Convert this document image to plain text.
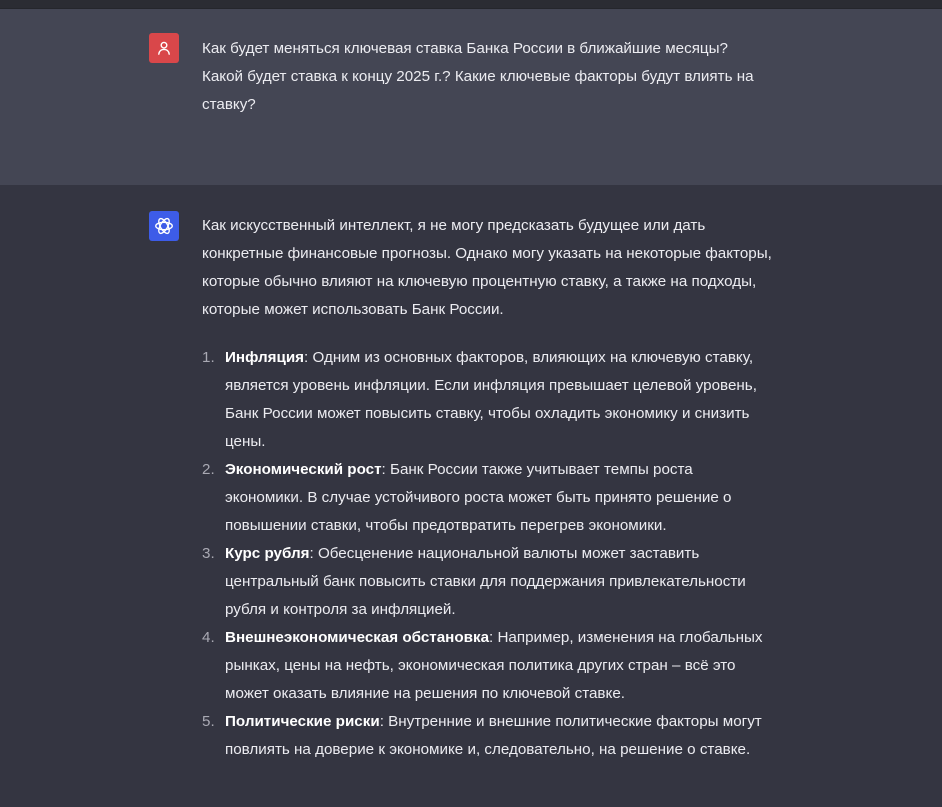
Как будет меняться ключевая ставка Банка России в ближайшие месяцы? Какой будет ставка к концу 2025 г.? Какие ключевые факторы будут влиять на ставку?

Как искусственный интеллект, я не могу предсказать будущее или дать конкретные финансовые прогнозы. Однако могу указать на некоторые факторы, которые обычно влияют на ключевую процентную ставку, а также на подходы, которые может использовать Банк России.

1. Инфляция: Одним из основных факторов, влияющих на ключевую ставку, является уровень инфляции. Если инфляция превышает целевой уровень, Банк России может повысить ставку, чтобы охладить экономику и снизить цены.
2. Экономический рост: Банк России также учитывает темпы роста экономики. В случае устойчивого роста может быть принято решение о повышении ставки, чтобы предотвратить перегрев экономики.
3. Курс рубля: Обесценение национальной валюты может заставить центральный банк повысить ставки для поддержания привлекательности рубля и контроля за инфляцией.
4. Внешнеэкономическая обстановка: Например, изменения на глобальных рынках, цены на нефть, экономическая политика других стран – всё это может оказать влияние на решения по ключевой ставке.
5. Политические риски: Внутренние и внешние политические факторы могут повлиять на доверие к экономике и, следовательно, на решение о ставке.
